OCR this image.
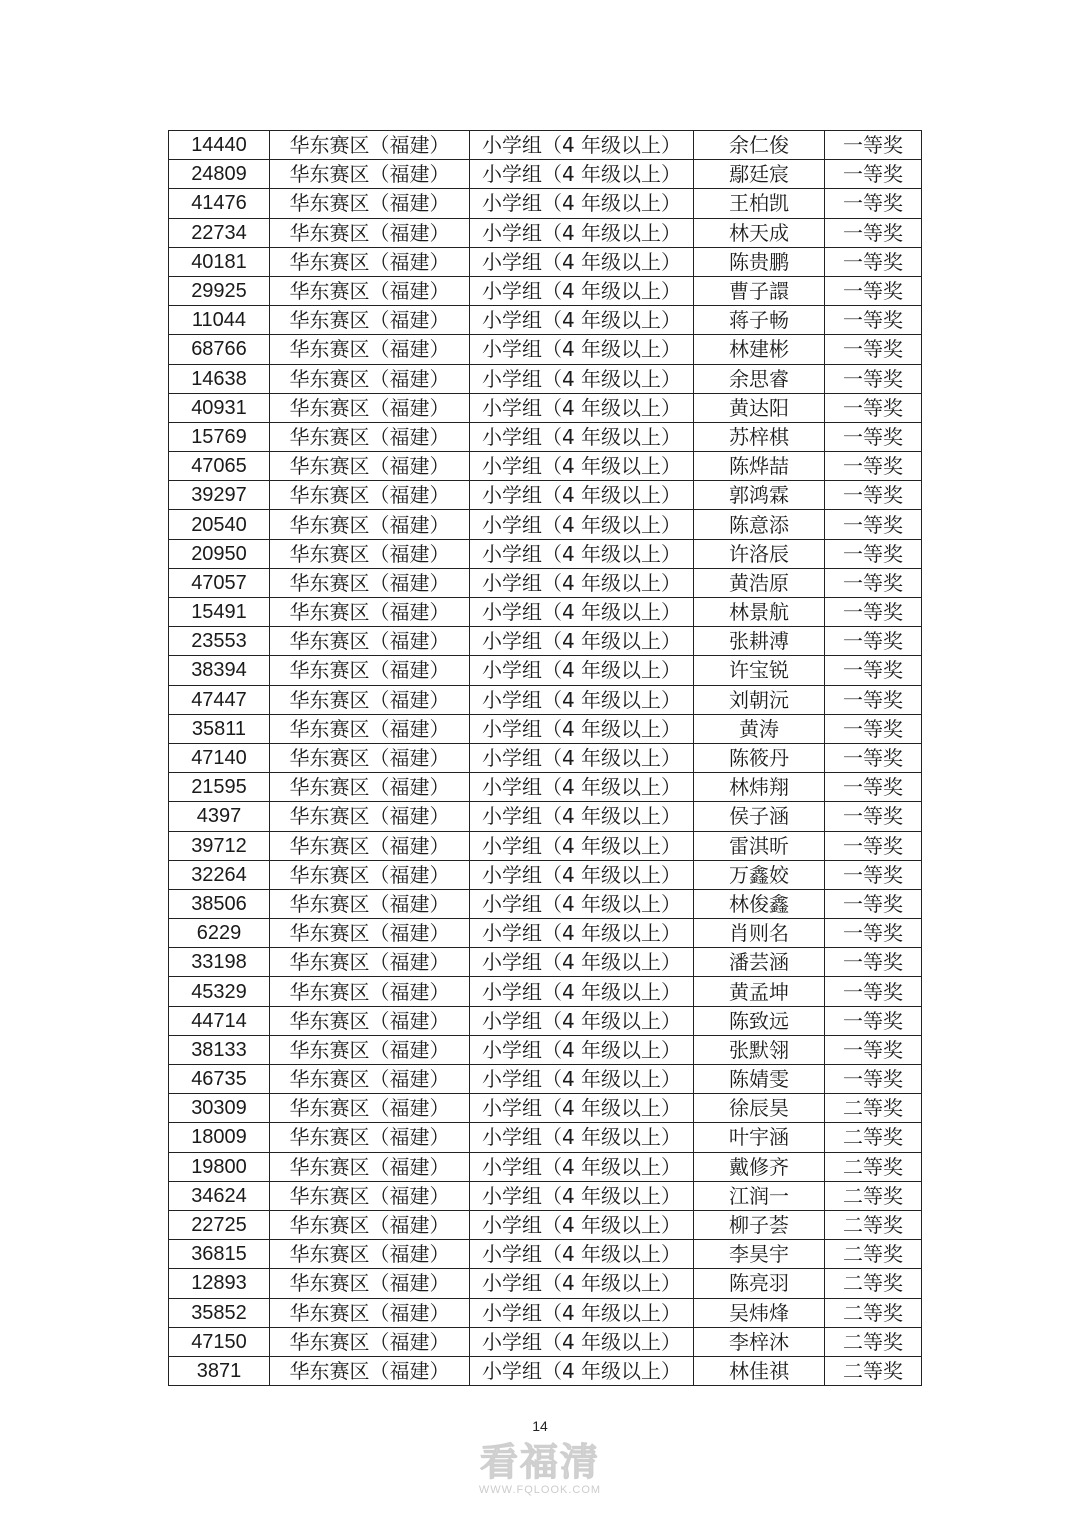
14440	华东赛区（福建）	小学组（4 年级以上）	余仁俊	一等奖
24809	华东赛区（福建）	小学组（4 年级以上）	鄢廷宸	一等奖
41476	华东赛区（福建）	小学组（4 年级以上）	王柏凯	一等奖
22734	华东赛区（福建）	小学组（4 年级以上）	林天成	一等奖
40181	华东赛区（福建）	小学组（4 年级以上）	陈贵鹏	一等奖
29925	华东赛区（福建）	小学组（4 年级以上）	曹子譞	一等奖
11044	华东赛区（福建）	小学组（4 年级以上）	蒋子畅	一等奖
68766	华东赛区（福建）	小学组（4 年级以上）	林建彬	一等奖
14638	华东赛区（福建）	小学组（4 年级以上）	余思睿	一等奖
40931	华东赛区（福建）	小学组（4 年级以上）	黄达阳	一等奖
15769	华东赛区（福建）	小学组（4 年级以上）	苏梓棋	一等奖
47065	华东赛区（福建）	小学组（4 年级以上）	陈烨喆	一等奖
39297	华东赛区（福建）	小学组（4 年级以上）	郭鸿霖	一等奖
20540	华东赛区（福建）	小学组（4 年级以上）	陈意添	一等奖
20950	华东赛区（福建）	小学组（4 年级以上）	许洛辰	一等奖
47057	华东赛区（福建）	小学组（4 年级以上）	黄浩原	一等奖
15491	华东赛区（福建）	小学组（4 年级以上）	林景航	一等奖
23553	华东赛区（福建）	小学组（4 年级以上）	张耕溥	一等奖
38394	华东赛区（福建）	小学组（4 年级以上）	许宝锐	一等奖
47447	华东赛区（福建）	小学组（4 年级以上）	刘朝沅	一等奖
35811	华东赛区（福建）	小学组（4 年级以上）	黄涛	一等奖
47140	华东赛区（福建）	小学组（4 年级以上）	陈筱丹	一等奖
21595	华东赛区（福建）	小学组（4 年级以上）	林炜翔	一等奖
4397	华东赛区（福建）	小学组（4 年级以上）	侯子涵	一等奖
39712	华东赛区（福建）	小学组（4 年级以上）	雷淇昕	一等奖
32264	华东赛区（福建）	小学组（4 年级以上）	万鑫姣	一等奖
38506	华东赛区（福建）	小学组（4 年级以上）	林俊鑫	一等奖
6229	华东赛区（福建）	小学组（4 年级以上）	肖则名	一等奖
33198	华东赛区（福建）	小学组（4 年级以上）	潘芸涵	一等奖
45329	华东赛区（福建）	小学组（4 年级以上）	黄孟坤	一等奖
44714	华东赛区（福建）	小学组（4 年级以上）	陈致远	一等奖
38133	华东赛区（福建）	小学组（4 年级以上）	张默翎	一等奖
46735	华东赛区（福建）	小学组（4 年级以上）	陈婧雯	一等奖
30309	华东赛区（福建）	小学组（4 年级以上）	徐辰昊	二等奖
18009	华东赛区（福建）	小学组（4 年级以上）	叶宇涵	二等奖
19800	华东赛区（福建）	小学组（4 年级以上）	戴修齐	二等奖
34624	华东赛区（福建）	小学组（4 年级以上）	江润一	二等奖
22725	华东赛区（福建）	小学组（4 年级以上）	柳子荟	二等奖
36815	华东赛区（福建）	小学组（4 年级以上）	李昊宇	二等奖
12893	华东赛区（福建）	小学组（4 年级以上）	陈亮羽	二等奖
35852	华东赛区（福建）	小学组（4 年级以上）	吴炜烽	二等奖
47150	华东赛区（福建）	小学组（4 年级以上）	李梓沐	二等奖
3871	华东赛区（福建）	小学组（4 年级以上）	林佳祺	二等奖
14
看福清
WWW.FQLOOK.COM
